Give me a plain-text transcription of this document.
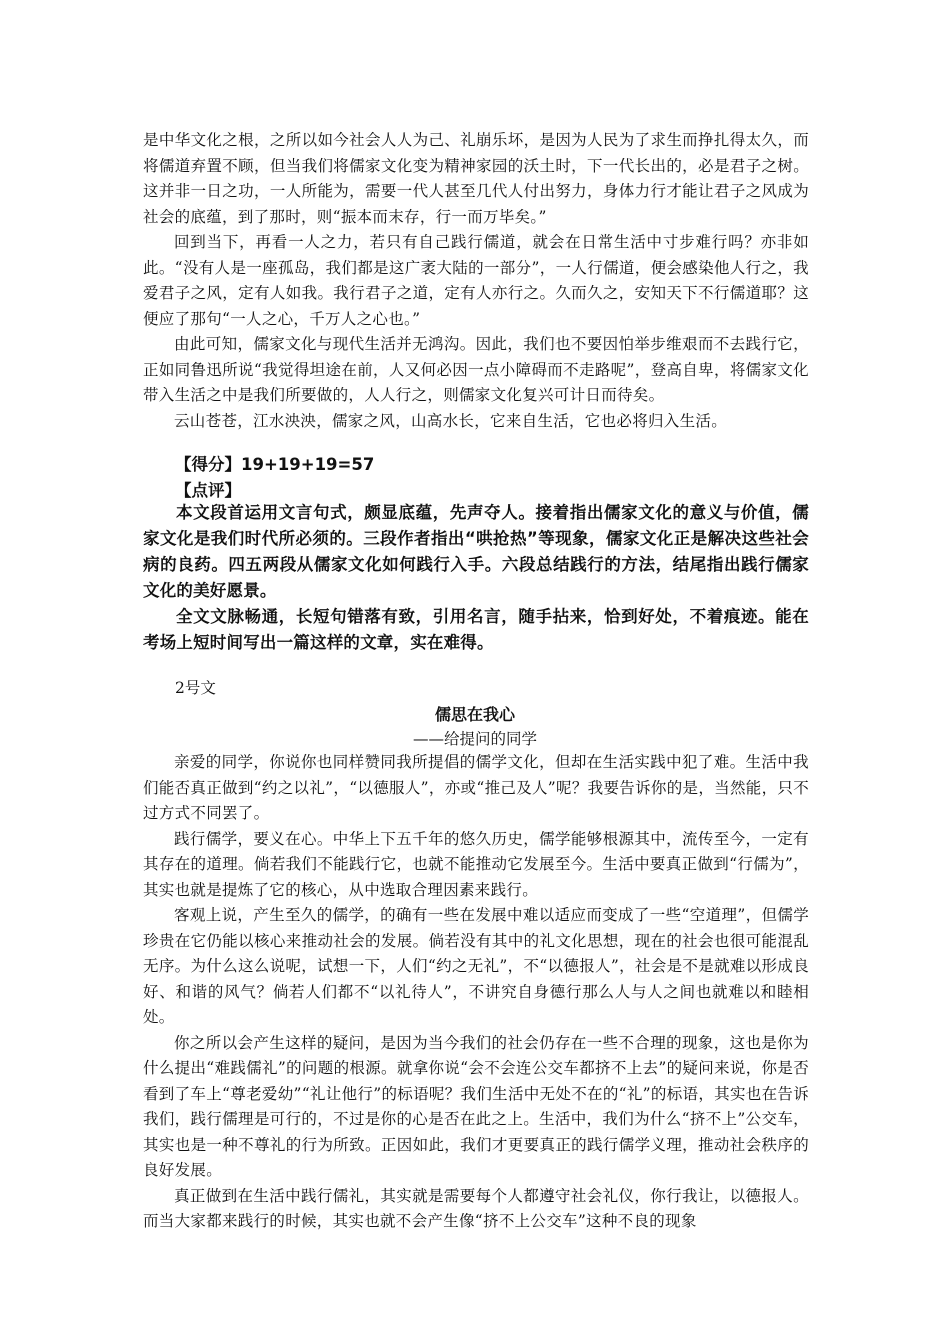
是中华文化之根，之所以如今社会人人为己、礼崩乐坏，是因为人民为了求生而挣扎得太久，而将儒道弃置不顾，但当我们将儒家文化变为精神家园的沃土时，下一代长出的，必是君子之树。这并非一日之功，一人所能为，需要一代人甚至几代人付出努力，身体力行才能让君子之风成为社会的底蕴，到了那时，则“振本而末存，行一而万毕矣。”

回到当下，再看一人之力，若只有自己践行儒道，就会在日常生活中寸步难行吗？亦非如此。“没有人是一座孤岛，我们都是这广袤大陆的一部分”，一人行儒道，便会感染他人行之，我爱君子之风，定有人如我。我行君子之道，定有人亦行之。久而久之，安知天下不行儒道耶？这便应了那句“一人之心，千万人之心也。”

由此可知，儒家文化与现代生活并无鸿沟。因此，我们也不要因怕举步维艰而不去践行它，正如同鲁迅所说“我觉得坦途在前，人又何必因一点小障碍而不走路呢”，登高自卑，将儒家文化带入生活之中是我们所要做的，人人行之，则儒家文化复兴可计日而待矣。

云山苍苍，江水泱泱，儒家之风，山高水长，它来自生活，它也必将归入生活。

【得分】19+19+19=57
【点评】

本文段首运用文言句式，颇显底蕴，先声夺人。接着指出儒家文化的意义与价值，儒家文化是我们时代所必须的。三段作者指出“哄抢热”等现象，儒家文化正是解决这些社会病的良药。四五两段从儒家文化如何践行入手。六段总结践行的方法，结尾指出践行儒家文化的美好愿景。

全文文脉畅通，长短句错落有致，引用名言，随手拈来，恰到好处，不着痕迹。能在考场上短时间写出一篇这样的文章，实在难得。

2号文
儒思在我心
——给提问的同学

亲爱的同学，你说你也同样赞同我所提倡的儒学文化，但却在生活实践中犯了难。生活中我们能否真正做到“约之以礼”，“以德服人”，亦或“推己及人”呢？我要告诉你的是，当然能，只不过方式不同罢了。

践行儒学，要义在心。中华上下五千年的悠久历史，儒学能够根源其中，流传至今，一定有其存在的道理。倘若我们不能践行它，也就不能推动它发展至今。生活中要真正做到“行儒为”，其实也就是提炼了它的核心，从中选取合理因素来践行。

客观上说，产生至久的儒学，的确有一些在发展中难以适应而变成了一些“空道理”，但儒学珍贵在它仍能以核心来推动社会的发展。倘若没有其中的礼文化思想，现在的社会也很可能混乱无序。为什么这么说呢，试想一下，人们“约之无礼”，不“以德报人”，社会是不是就难以形成良好、和谐的风气？倘若人们都不“以礼待人”，不讲究自身德行那么人与人之间也就难以和睦相处。

你之所以会产生这样的疑问，是因为当今我们的社会仍存在一些不合理的现象，这也是你为什么提出“难践儒礼”的问题的根源。就拿你说“会不会连公交车都挤不上去”的疑问来说，你是否看到了车上“尊老爱幼”“礼让他行”的标语呢？我们生活中无处不在的“礼”的标语，其实也在告诉我们，践行儒理是可行的，不过是你的心是否在此之上。生活中，我们为什么“挤不上”公交车，其实也是一种不尊礼的行为所致。正因如此，我们才更要真正的践行儒学义理，推动社会秩序的良好发展。

真正做到在生活中践行儒礼，其实就是需要每个人都遵守社会礼仪，你行我让，以德报人。而当大家都来践行的时候，其实也就不会产生像“挤不上公交车”这种不良的现象
